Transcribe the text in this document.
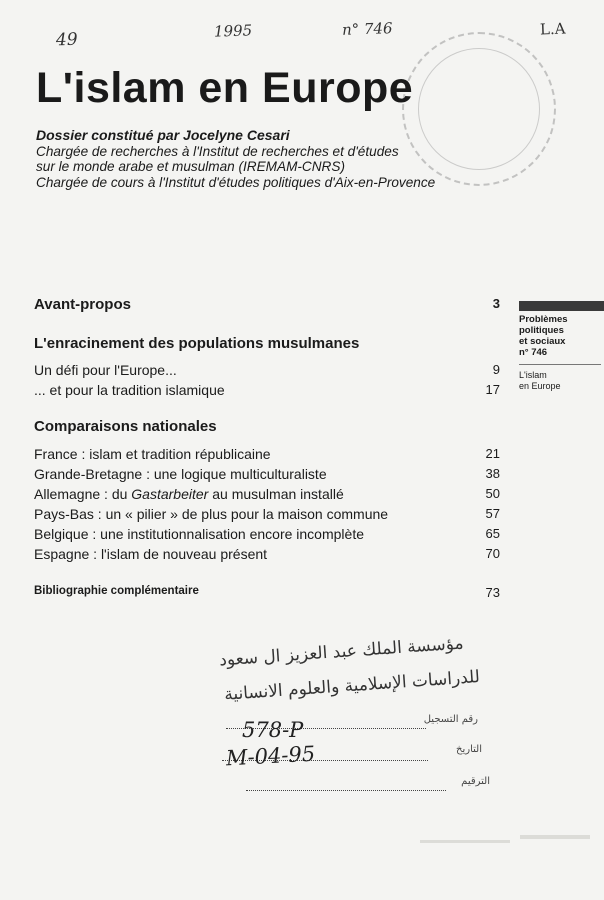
49	1995	n° 746	L.A
L'islam en Europe
Dossier constitué par Jocelyne Cesari
Chargée de recherches à l'Institut de recherches et d'études
sur le monde arabe et musulman (IREMAM-CNRS)
Chargée de cours à l'Institut d'études politiques d'Aix-en-Provence
Avant-propos	3
L'enracinement des populations musulmanes
Un défi pour l'Europe...	9
... et pour la tradition islamique	17
Comparaisons nationales
France : islam et tradition républicaine	21
Grande-Bretagne : une logique multiculturaliste	38
Allemagne : du Gastarbeiter au musulman installé	50
Pays-Bas : un « pilier » de plus pour la maison commune	57
Belgique : une institutionnalisation encore incomplète	65
Espagne : l'islam de nouveau présent	70
Bibliographie complémentaire	73
Problèmes
politiques
et sociaux
n° 746
L'islam
en Europe
مؤسسة الملك عبد العزيز ال سعود
للدراسات الإسلامية والعلوم الانسانية
رقم التسجيل
578-P
التاريخ
M-04-95
الترقيم
